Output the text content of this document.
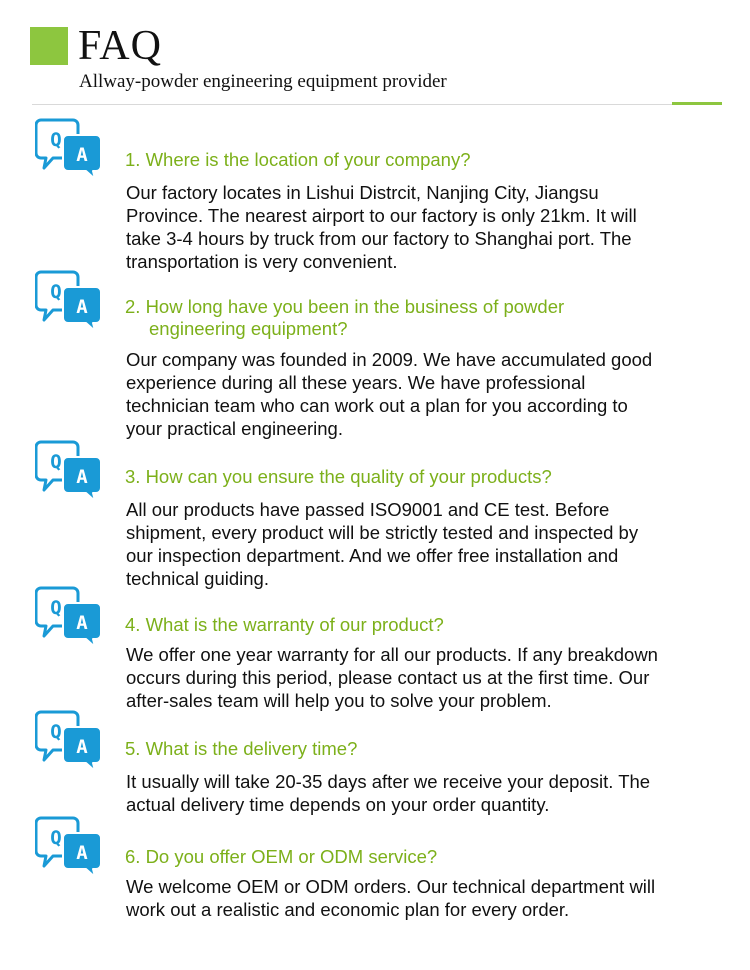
FAQ
Allway-powder engineering equipment provider
Q
A 1. Where is the location of your company?
Our factory locates in Lishui Distrcit, Nanjing City, Jiangsu
Province. The nearest airport to our factory is only 21km. It will
take 3-4 hours by truck from our factory to Shanghai port. The
transportation is very convenient.
Q
A 2. How long have you been in the business of powder
engineering equipment?
Our company was founded in 2009. We have accumulated good
experience during all these years. We have professional
technician team who can work out a plan for you according to
your practical engineering.
Q
A 3. How can you ensure the quality of your products?
All our products have passed ISO9001 and CE test. Before
shipment, every product will be strictly tested and inspected by
our inspection department. And we offer free installation and
technical guiding.
Q
A 4. What is the warranty of our product?
We offer one year warranty for all our products. If any breakdown
occurs during this period, please contact us at the first time. Our
after-sales team will help you to solve your problem.
Q
A 5. What is the delivery time?
It usually will take 20-35 days after we receive your deposit. The
actual delivery time depends on your order quantity.
Q
A 6. Do you offer OEM or ODM service?
We welcome OEM or ODM orders. Our technical department will
work out a realistic and economic plan for every order.
